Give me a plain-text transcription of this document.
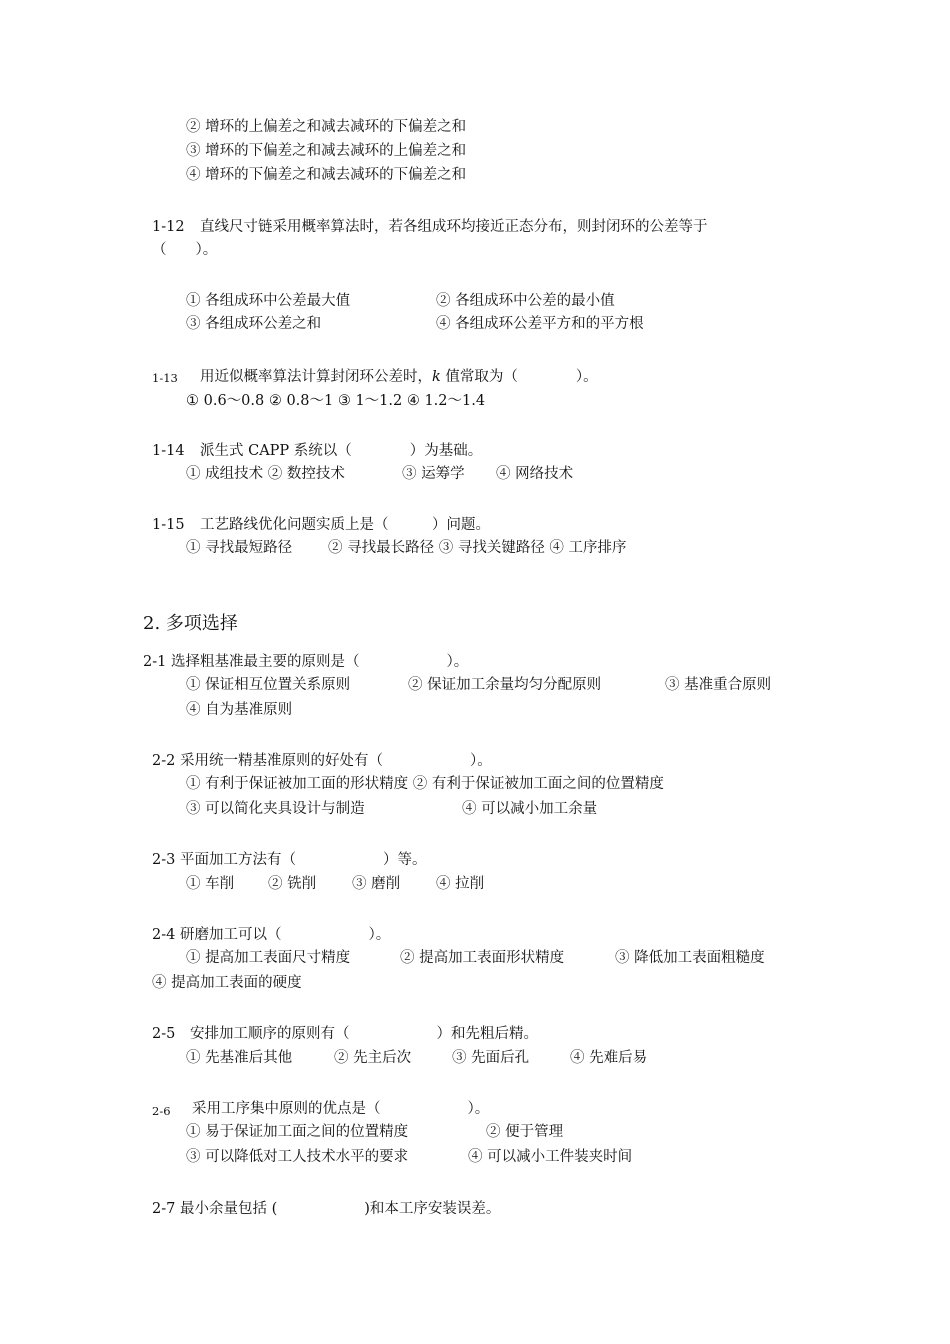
② 增环的上偏差之和减去减环的下偏差之和
③ 增环的下偏差之和减去减环的上偏差之和
④ 增环的下偏差之和减去减环的下偏差之和
1-12 直线尺寸链采用概率算法时，若各组成环均接近正态分布，则封闭环的公差等于
（　　）。
① 各组成环中公差最大值	② 各组成环中公差的最小值
③ 各组成环公差之和	④ 各组成环公差平方和的平方根
1-13 用近似概率算法计算封闭环公差时，k 值常取为（　　　　）。
① 0.6～0.8 ② 0.8～1 ③ 1～1.2 ④ 1.2～1.4
1-14 派生式 CAPP 系统以（　　　　）为基础。
① 成组技术 ② 数控技术	③ 运筹学 ④ 网络技术
1-15 工艺路线优化问题实质上是（　　　）问题。
① 寻找最短路径 ② 寻找最长路径 ③ 寻找关键路径 ④ 工序排序
2. 多项选择
2-1 选择粗基准最主要的原则是（　　　　　　）。
① 保证相互位置关系原则	② 保证加工余量均匀分配原则	③ 基准重合原则
④ 自为基准原则
2-2 采用统一精基准原则的好处有（　　　　　　）。
① 有利于保证被加工面的形状精度 ② 有利于保证被加工面之间的位置精度
③ 可以简化夹具设计与制造	④ 可以减小加工余量
2-3 平面加工方法有（　　　　　　）等。
① 车削 ② 铣削 ③ 磨削 ④ 拉削
2-4 研磨加工可以（　　　　　　）。
① 提高加工表面尺寸精度	② 提高加工表面形状精度	③ 降低加工表面粗糙度
④ 提高加工表面的硬度
2-5 安排加工顺序的原则有（　　　　　　）和先粗后精。
① 先基准后其他	② 先主后次	③ 先面后孔	④ 先难后易
2-6 采用工序集中原则的优点是（　　　　　　）。
① 易于保证加工面之间的位置精度	② 便于管理
③ 可以降低对工人技术水平的要求	④ 可以减小工件装夹时间
2-7 最小余量包括 (　　　　　　)和本工序安装误差。
